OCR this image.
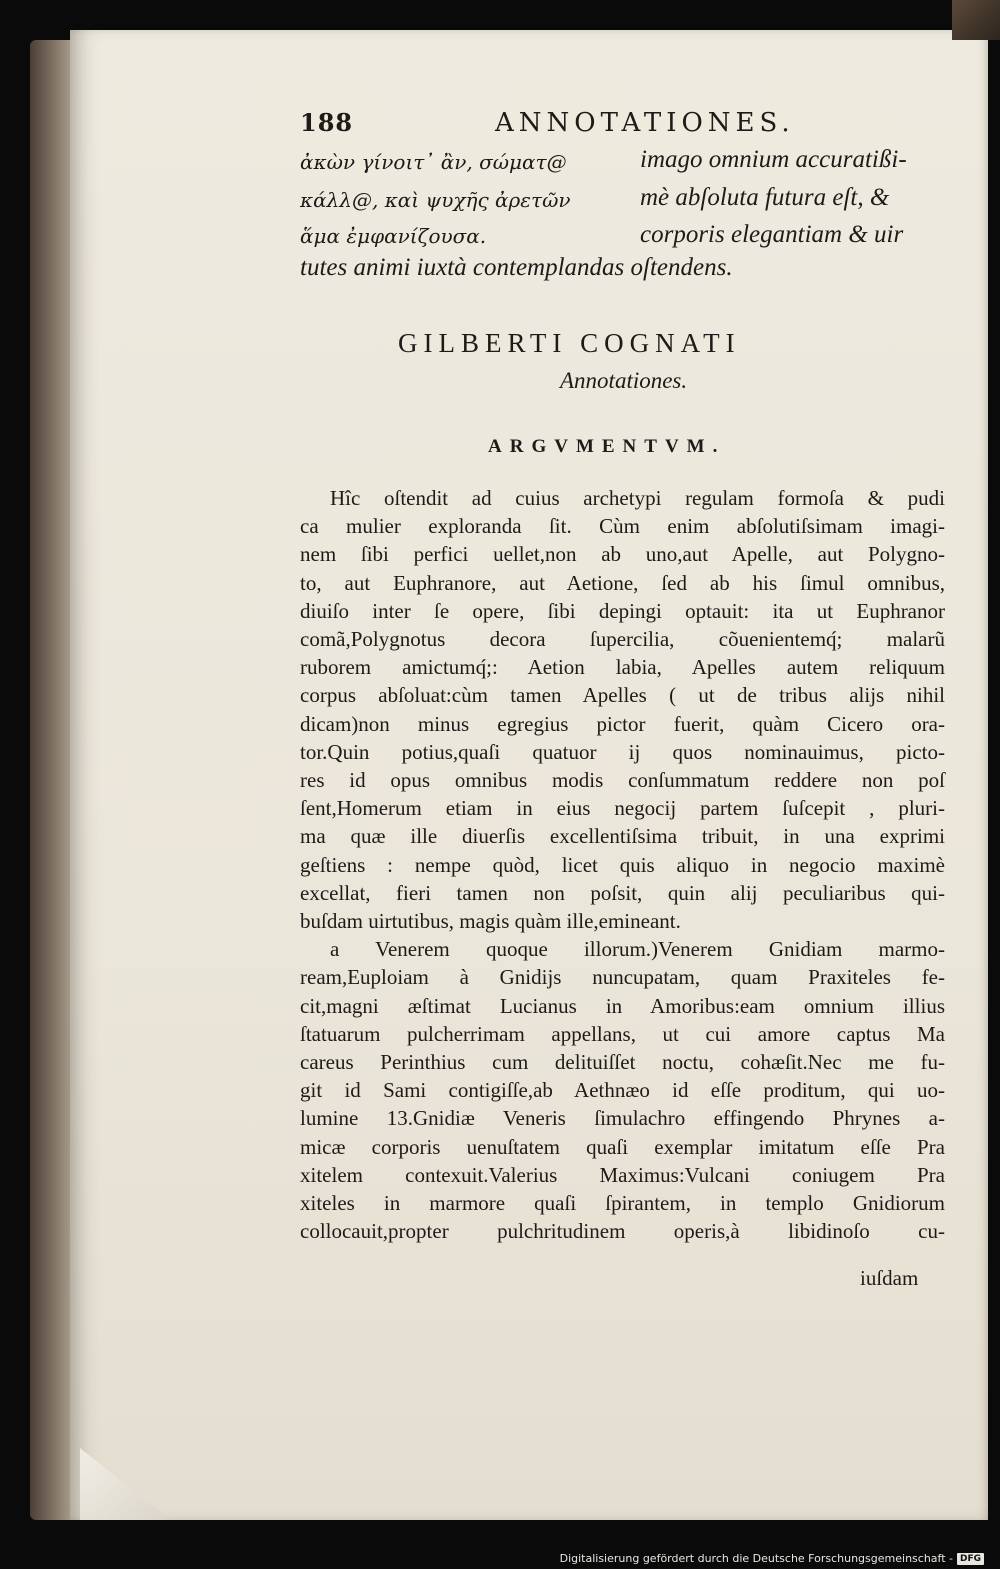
188	ANNOTATIONES.
ἀκὼν γίνοιτ᾽ ἂν, σώματ@
κάλλ@, καὶ ψυχῆς ἀρετῶν
ἅμα ἐμφανίζουσα.
imago omnium accuratißi-
mè abſoluta futura eſt, &
corporis elegantiam & uir
tutes animi iuxtà contemplandas oſtendens.
GILBERTI COGNATI
Annotationes.
ARGVMENTVM.
Hîc oſtendit ad cuius archetypi regulam formoſa & pudi
ca mulier exploranda ſit. Cùm enim abſolutiſsimam imagi-
nem ſibi perfici uellet,non ab uno,aut Apelle, aut Polygno-
to, aut Euphranore, aut Aetione, ſed ab his ſimul omnibus,
diuiſo inter ſe opere, ſibi depingi optauit: ita ut Euphranor
comã,Polygnotus decora ſupercilia, cõuenientemq́; malarũ
ruborem amictumq́;: Aetion labia, Apelles autem reliquum
corpus abſoluat:cùm tamen Apelles ( ut de tribus alijs nihil
dicam)non minus egregius pictor fuerit, quàm Cicero ora-
tor.Quin potius,quaſi quatuor ij quos nominauimus, picto-
res id opus omnibus modis conſummatum reddere non poſ
ſent,Homerum etiam in eius negocij partem ſuſcepit , pluri-
ma quæ ille diuerſis excellentiſsima tribuit, in una exprimi
geſtiens : nempe quòd, licet quis aliquo in negocio maximè
excellat, fieri tamen non poſsit, quin alij peculiaribus qui-
buſdam uirtutibus, magis quàm ille,emineant.
a Venerem quoque illorum.)Venerem Gnidiam marmo-
ream,Euploiam à Gnidijs nuncupatam, quam Praxiteles fe-
cit,magni æſtimat Lucianus in Amoribus:eam omnium illius
ſtatuarum pulcherrimam appellans, ut cui amore captus Ma
careus Perinthius cum delituiſſet noctu, cohæſit.Nec me fu-
git id Sami contigiſſe,ab Aethnæo id eſſe proditum, qui uo-
lumine 13.Gnidiæ Veneris ſimulachro effingendo Phrynes a-
micæ corporis uenuſtatem quaſi exemplar imitatum eſſe Pra
xitelem contexuit.Valerius Maximus:Vulcani coniugem Pra
xiteles in marmore quaſi ſpirantem, in templo Gnidiorum
collocauit,propter pulchritudinem operis,à libidinoſo cu-
iuſdam
Digitalisierung gefördert durch die Deutsche Forschungsgemeinschaft - DFG
